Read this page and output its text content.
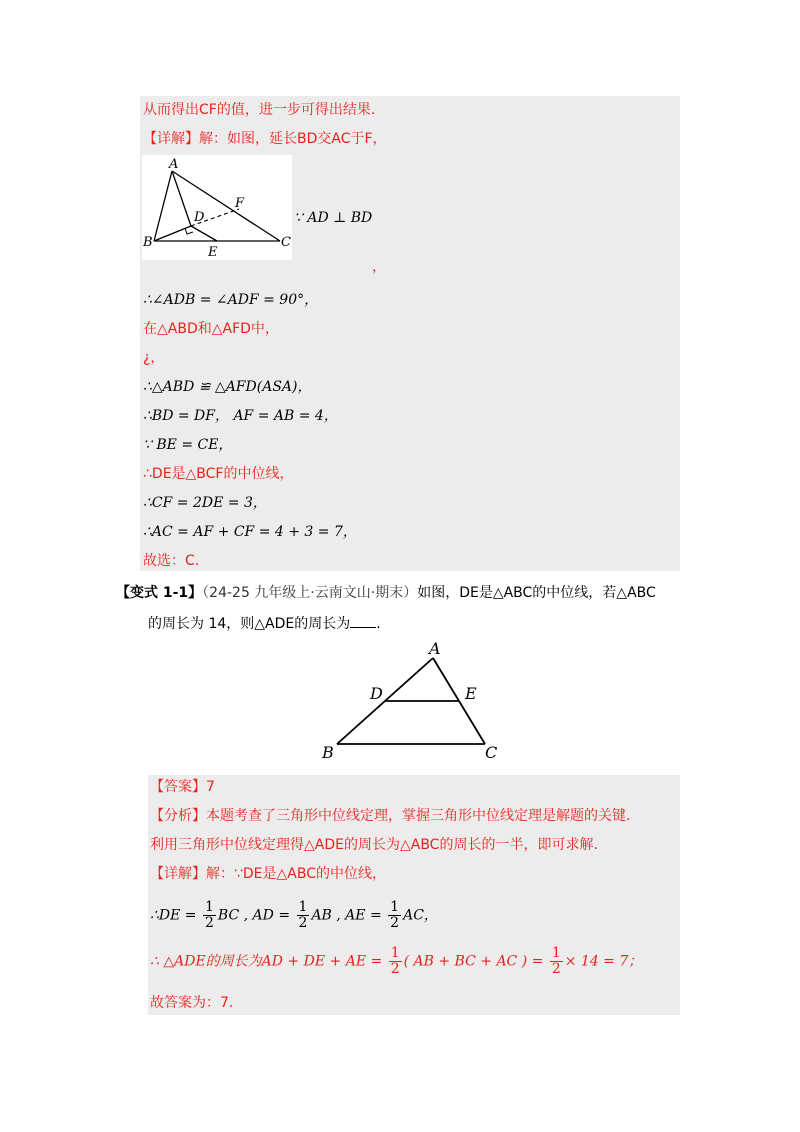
从而得出CF的值，进一步可得出结果.
【详解】解：如图，延长BD交AC于F，
A
B	C
D
E
F
∵ AD ⊥ BD
，
∴∠ADB = ∠ADF = 90°，
在△ABD和△AFD中，
¿，
∴△ABD ≌ △AFD(ASA)，
∴BD = DF， AF = AB = 4，
∵ BE = CE，
∴DE是△BCF的中位线，
∴CF = 2DE = 3，
∴AC = AF + CF = 4 + 3 = 7，
故选：C.
【变式 1-1】（24-25 九年级上·云南文山·期末）如图，DE是△ABC的中位线，若△ABC
的周长为 14，则△ADE的周长为 .
A
B	C
D	E
【答案】7
【分析】本题考查了三角形中位线定理，掌握三角形中位线定理是解题的关键.
利用三角形中位线定理得△ADE的周长为△ABC的周长的一半，即可求解.
【详解】解：∵DE是△ABC的中位线，
∴DE = $\frac{1}{2}$ BC , AD = $\frac{1}{2}$ AB , AE = $\frac{1}{2}$ AC，
∴ △ADE的周长为AD + DE + AE = $\frac{1}{2}$ ( AB + BC + AC ) = $\frac{1}{2} \times 14 = 7$；
故答案为：7.
